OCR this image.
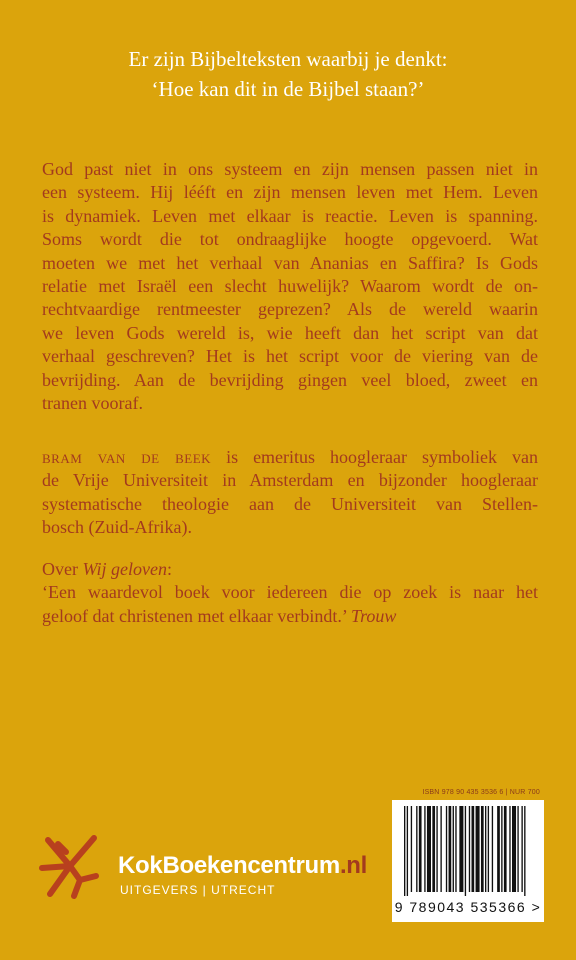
Er zijn Bijbelteksten waarbij je denkt:
‘Hoe kan dit in de Bijbel staan?’
God past niet in ons systeem en zijn mensen passen niet in
een systeem. Hij lééft en zijn mensen leven met Hem. Leven
is dynamiek. Leven met elkaar is reactie. Leven is spanning.
Soms wordt die tot ondraaglijke hoogte opgevoerd. Wat
moeten we met het verhaal van Ananias en Saffira? Is Gods
relatie met Israël een slecht huwelijk? Waarom wordt de on-
rechtvaardige rentmeester geprezen? Als de wereld waarin
we leven Gods wereld is, wie heeft dan het script van dat
verhaal geschreven? Het is het script voor de viering van de
bevrijding. Aan de bevrijding gingen veel bloed, zweet en
tranen vooraf.
bram van de beek is emeritus hoogleraar symboliek van
de Vrije Universiteit in Amsterdam en bijzonder hoogleraar
systematische theologie aan de Universiteit van Stellen-
bosch (Zuid-Afrika).
Over Wij geloven:
‘Een waardevol boek voor iedereen die op zoek is naar het
geloof dat christenen met elkaar verbindt.’ Trouw
ISBN 978 90 435 3536 6 | NUR 700
9 789043 535366 >
KokBoekencentrum.nl
UITGEVERS | UTRECHT
